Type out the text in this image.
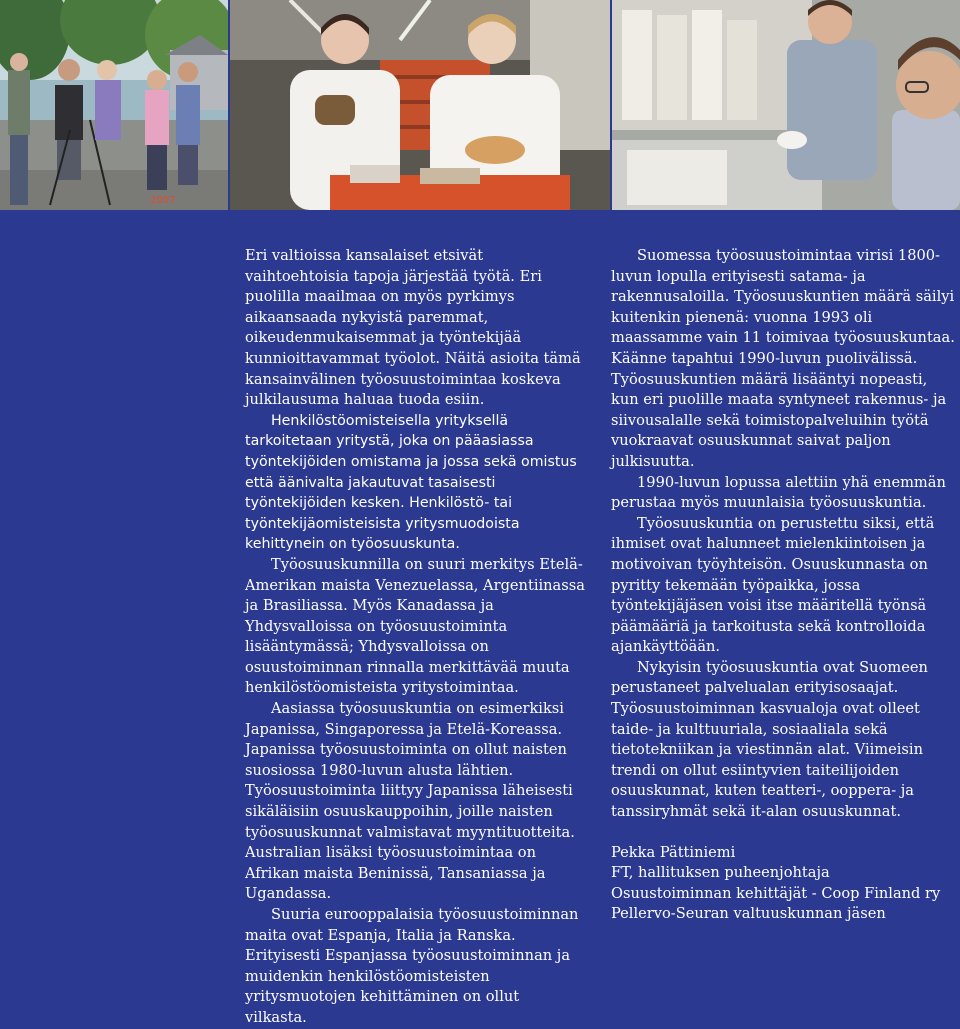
2007

Eri valtioissa kansalaiset etsivät vaihtoehtoisia tapoja järjestää työtä. Eri puolilla maailmaa on myös pyrkimys aikaansaada nykyistä paremmat, oikeudenmukaisemmat ja työntekijää kunnioittavammat työolot. Näitä asioita tämä kansainvälinen työosuustoimintaa koskeva julkilausuma haluaa tuoda esiin.

Henkilöstöomisteisella yrityksellä tarkoitetaan yritystä, joka on pääasiassa työntekijöiden omistama ja jossa sekä omistus että äänivalta jakautuvat tasaisesti työntekijöiden kesken. Henkilöstö- tai työntekijäomisteisista yritysmuodoista kehittynein on työosuuskunta.

Työosuuskunnilla on suuri merkitys Etelä-Amerikan maista Venezuelassa, Argentiinassa ja Brasiliassa. Myös Kanadassa ja Yhdysvalloissa on työosuustoiminta lisääntymässä; Yhdysvalloissa on osuustoiminnan rinnalla merkittävää muuta henkilöstöomisteista yritystoimintaa.

Aasiassa työosuuskuntia on esimerkiksi Japanissa, Singaporessa ja Etelä-Koreassa. Japanissa työosuustoiminta on ollut naisten suosiossa 1980-luvun alusta lähtien. Työosuustoiminta liittyy Japanissa läheisesti sikäläisiin osuuskauppoihin, joille naisten työosuuskunnat valmistavat myyntituotteita. Australian lisäksi työosuustoimintaa on Afrikan maista Beninissä, Tansaniassa ja Ugandassa.

Suuria eurooppalaisia työosuustoiminnan maita ovat Espanja, Italia ja Ranska. Erityisesti Espanjassa työosuustoiminnan ja muidenkin henkilöstöomisteisten yritysmuotojen kehittäminen on ollut vilkasta.

Suomessa työosuustoimintaa virisi 1800-luvun lopulla erityisesti satama- ja rakennusaloilla. Työosuuskuntien määrä säilyi kuitenkin pienenä: vuonna 1993 oli maassamme vain 11 toimivaa työosuuskuntaa. Käänne tapahtui 1990-luvun puolivälissä. Työosuuskuntien määrä lisääntyi nopeasti, kun eri puolille maata syntyneet rakennus- ja siivousalalle sekä toimistopalveluihin työtä vuokraavat osuuskunnat saivat paljon julkisuutta.

1990-luvun lopussa alettiin yhä enemmän perustaa myös muunlaisia työosuuskuntia.

Työosuuskuntia on perustettu siksi, että ihmiset ovat halunneet mielenkiintoisen ja motivoivan työyhteisön. Osuuskunnasta on pyritty tekemään työpaikka, jossa työntekijäjäsen voisi itse määritellä työnsä päämääriä ja tarkoitusta sekä kontrolloida ajankäyttöään.

Nykyisin työosuuskuntia ovat Suomeen perustaneet palvelualan erityisosaajat. Työosuustoiminnan kasvualoja ovat olleet taide- ja kulttuuriala, sosiaaliala sekä tietotekniikan ja viestinnän alat. Viimeisin trendi on ollut esiintyvien taiteilijoiden osuuskunnat, kuten teatteri-, ooppera- ja tanssiryhmät sekä it-alan osuuskunnat.

Pekka Pättiniemi
FT, hallituksen puheenjohtaja
Osuustoiminnan kehittäjät - Coop Finland ry
Pellervo-Seuran valtuuskunnan jäsen
